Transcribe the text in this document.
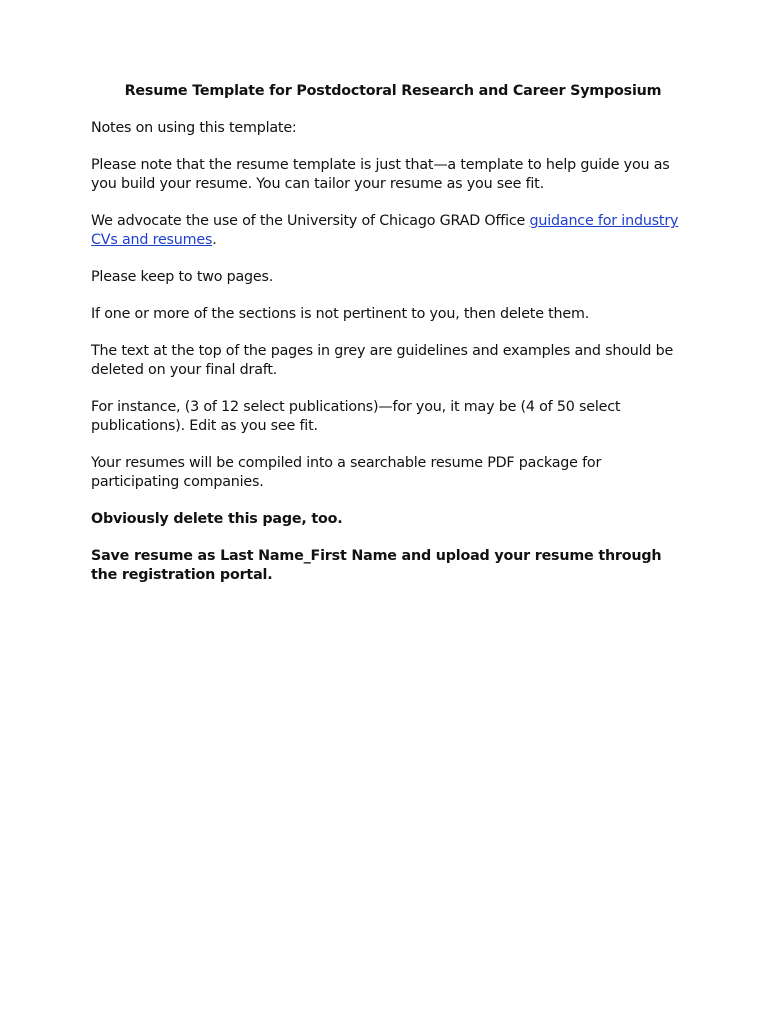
Resume Template for Postdoctoral Research and Career Symposium

Notes on using this template:

Please note that the resume template is just that—a template to help guide you as you build your resume. You can tailor your resume as you see fit.

We advocate the use of the University of Chicago GRAD Office guidance for industry CVs and resumes.

Please keep to two pages.

If one or more of the sections is not pertinent to you, then delete them.

The text at the top of the pages in grey are guidelines and examples and should be deleted on your final draft.

For instance, (3 of 12 select publications)—for you, it may be (4 of 50 select publications). Edit as you see fit.

Your resumes will be compiled into a searchable resume PDF package for participating companies.

Obviously delete this page, too.

Save resume as Last Name_First Name and upload your resume through the registration portal.
